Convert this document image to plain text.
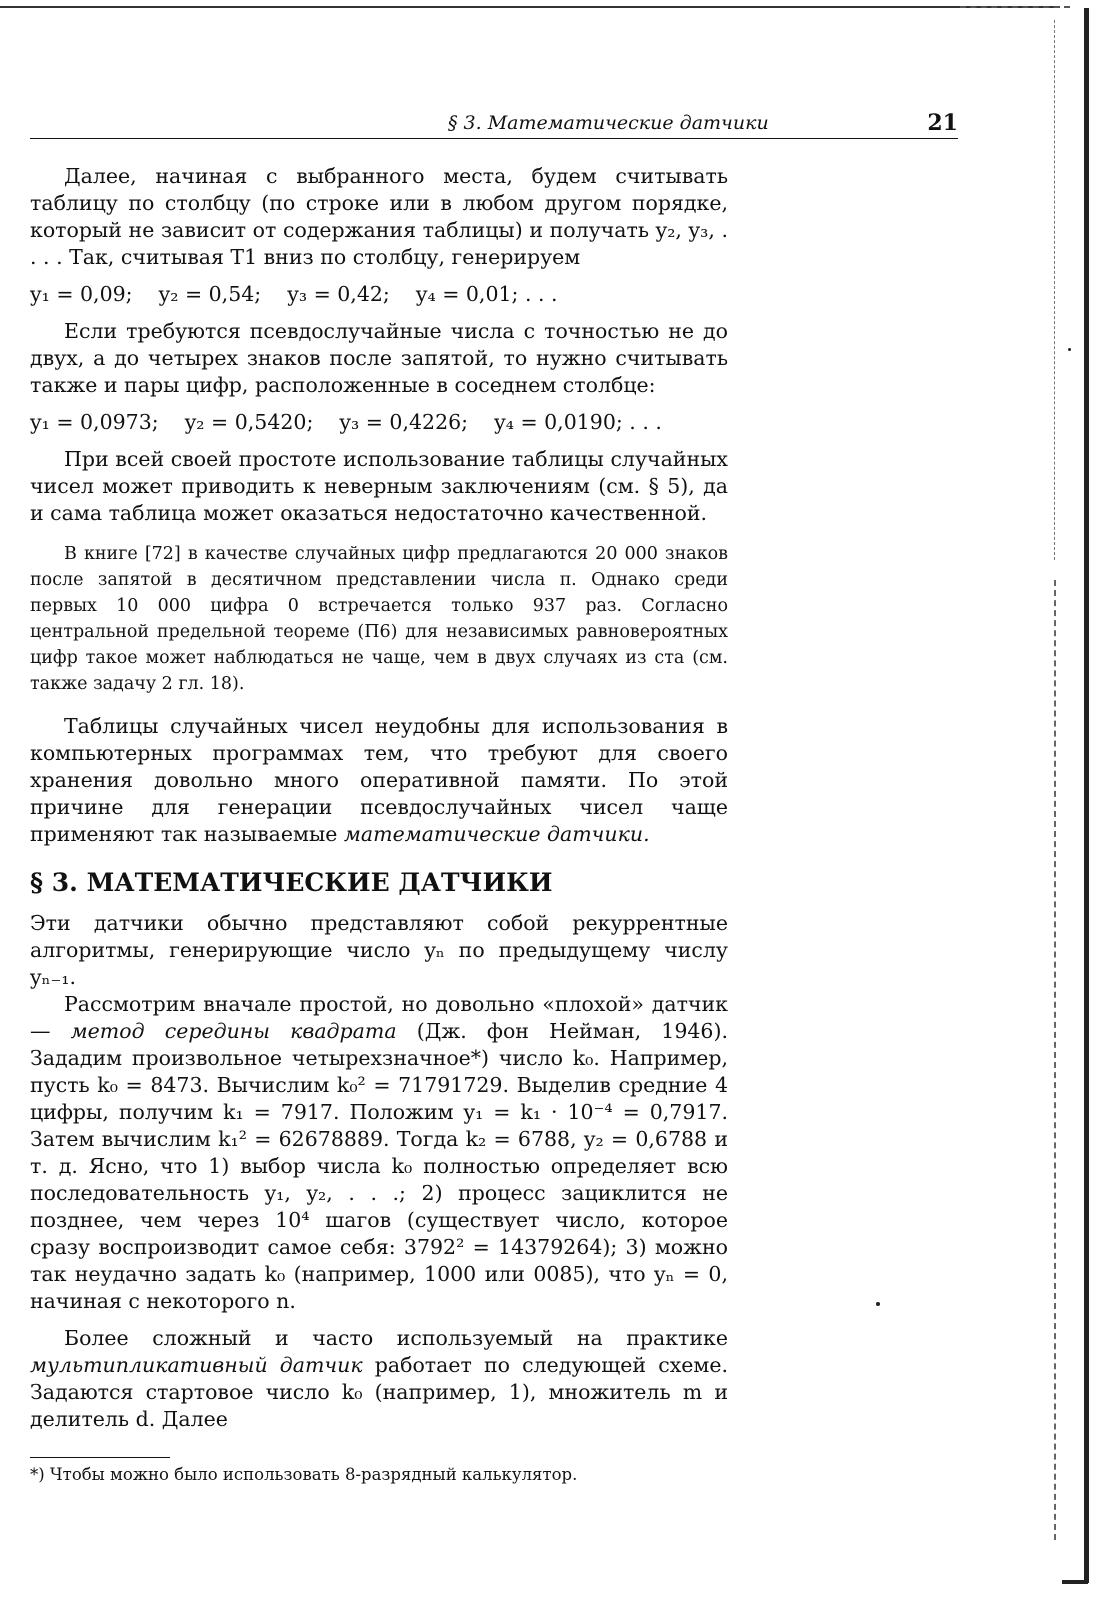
§ 3. Математические датчики	21

Далее, начиная с выбранного места, будем считывать таблицу по столбцу (по строке или в любом другом порядке, который не зависит от содержания таблицы) и получать y₂, y₃, . . . . Так, считывая T1 вниз по столбцу, генерируем

y₁ = 0,09;    y₂ = 0,54;    y₃ = 0,42;    y₄ = 0,01; . . .

Если требуются псевдослучайные числа с точностью не до двух, а до четырех знаков после запятой, то нужно считывать также и пары цифр, расположенные в соседнем столбце:

y₁ = 0,0973;    y₂ = 0,5420;    y₃ = 0,4226;    y₄ = 0,0190; . . .

При всей своей простоте использование таблицы случайных чисел может приводить к неверным заключениям (см. § 5), да и сама таблица может оказаться недостаточно качественной.

В книге [72] в качестве случайных цифр предлагаются 20 000 знаков после запятой в десятичном представлении числа π. Однако среди первых 10 000 цифра 0 встречается только 937 раз. Согласно центральной предельной теореме (П6) для независимых равновероятных цифр такое может наблюдаться не чаще, чем в двух случаях из ста (см. также задачу 2 гл. 18).

Таблицы случайных чисел неудобны для использования в компьютерных программах тем, что требуют для своего хранения довольно много оперативной памяти. По этой причине для генерации псевдослучайных чисел чаще применяют так называемые математические датчики.

§ 3. МАТЕМАТИЧЕСКИЕ ДАТЧИКИ

Эти датчики обычно представляют собой рекуррентные алгоритмы, генерирующие число yₙ по предыдущему числу yₙ₋₁.

Рассмотрим вначале простой, но довольно «плохой» датчик — метод середины квадрата (Дж. фон Нейман, 1946). Зададим произвольное четырехзначное*) число k₀. Например, пусть k₀ = 8473. Вычислим k₀² = 71791729. Выделив средние 4 цифры, получим k₁ = 7917. Положим y₁ = k₁ · 10⁻⁴ = 0,7917. Затем вычислим k₁² = 62678889. Тогда k₂ = 6788, y₂ = 0,6788 и т. д. Ясно, что 1) выбор числа k₀ полностью определяет всю последовательность y₁, y₂, . . .; 2) процесс зациклится не позднее, чем через 10⁴ шагов (существует число, которое сразу воспроизводит самое себя: 3792² = 14379264); 3) можно так неудачно задать k₀ (например, 1000 или 0085), что yₙ = 0, начиная с некоторого n.

Более сложный и часто используемый на практике мультипликативный датчик работает по следующей схеме. Задаются стартовое число k₀ (например, 1), множитель m и делитель d. Далее

*) Чтобы можно было использовать 8-разрядный калькулятор.
